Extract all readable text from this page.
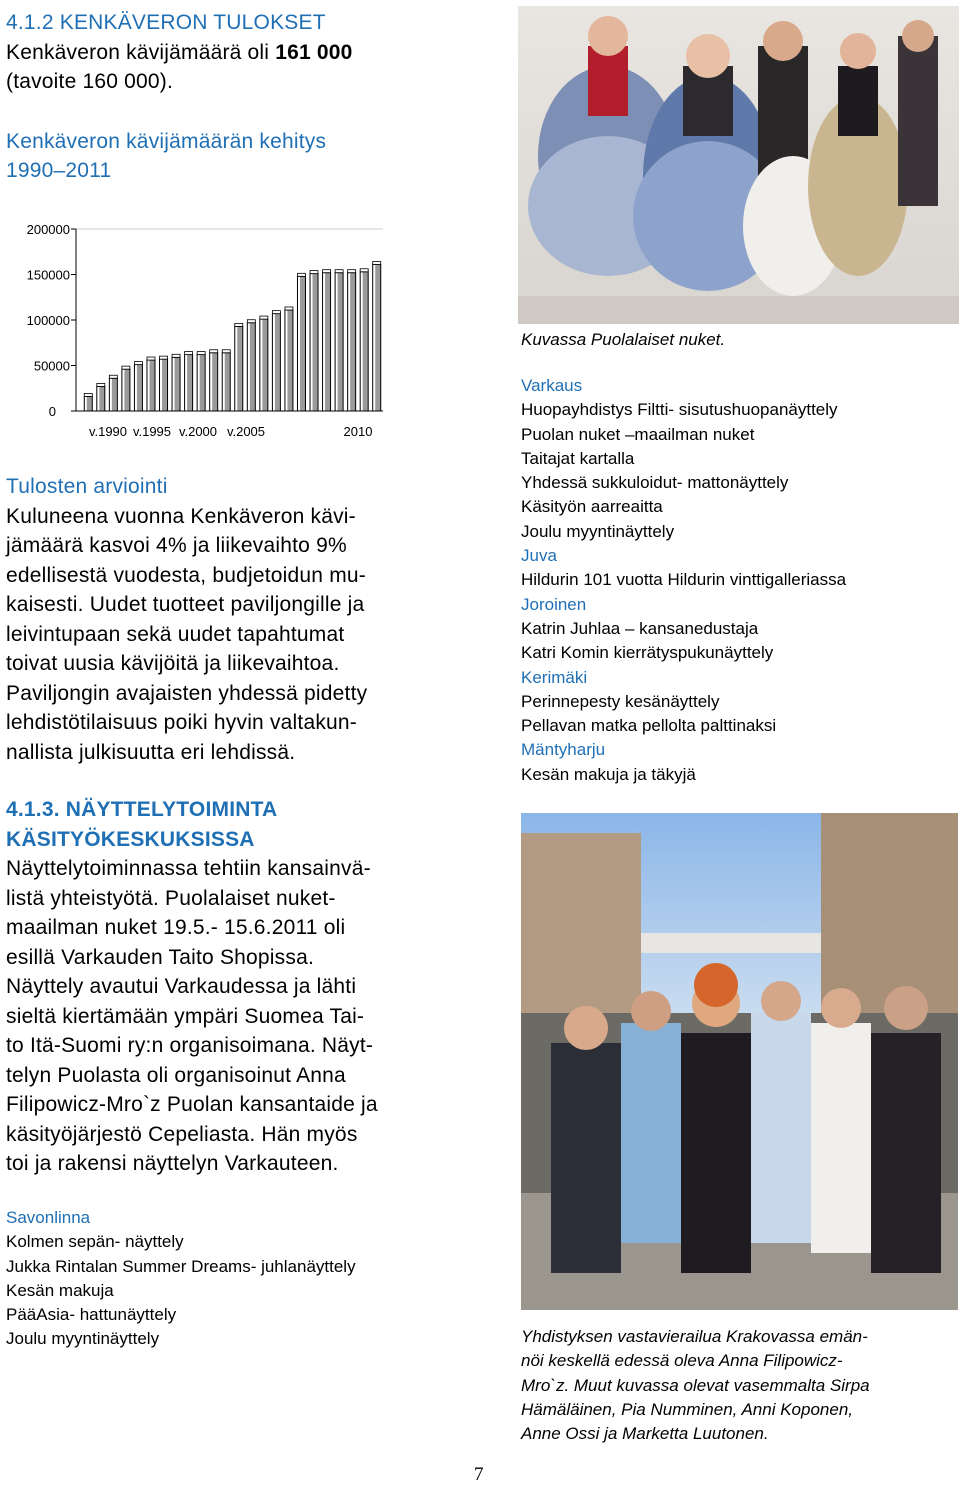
4.1.2 KENKÄVERON TULOKSET
Kenkäveron kävijämäärä oli 161 000
(tavoite 160 000).
Kenkäveron kävijämäärän kehitys
1990–2011
200000
150000
100000
50000
0
v.1990 v.1995 v.2000 v.2005	2010
Tulosten arviointi
Kuluneena vuonna Kenkäveron kävi-
jämäärä kasvoi 4% ja liikevaihto 9%
edellisestä vuodesta, budjetoidun mu-
kaisesti. Uudet tuotteet paviljongille ja
leivintupaan sekä uudet tapahtumat
toivat uusia kävijöitä ja liikevaihtoa.
Paviljongin avajaisten yhdessä pidetty
lehdistötilaisuus poiki hyvin valtakun-
nallista julkisuutta eri lehdissä.
4.1.3. NÄYTTELYTOIMINTA
KÄSITYÖKESKUKSISSA
Näyttelytoiminnassa tehtiin kansainvä-
listä yhteistyötä. Puolalaiset nuket-
maailman nuket 19.5.- 15.6.2011 oli
esillä Varkauden Taito Shopissa.
Näyttely avautui Varkaudessa ja lähti
sieltä kiertämään ympäri Suomea Tai-
to Itä-Suomi ry:n organisoimana. Näyt-
telyn Puolasta oli organisoinut Anna
Filipowicz-Mro`z Puolan kansantaide ja
käsityöjärjestö Cepeliasta. Hän myös
toi ja rakensi näyttelyn Varkauteen.
Savonlinna
Kolmen sepän- näyttely
Jukka Rintalan Summer Dreams- juhlanäyttely
Kesän makuja
PääAsia- hattunäyttely
Joulu myyntinäyttely
Kuvassa Puolalaiset nuket.
Varkaus
Huopayhdistys Filtti- sisutushuopanäyttely
Puolan nuket –maailman nuket
Taitajat kartalla
Yhdessä sukkuloidut- mattonäyttely
Käsityön aarreaitta
Joulu myyntinäyttely
Juva
Hildurin 101 vuotta Hildurin vinttigalleriassa
Joroinen
Katrin Juhlaa – kansanedustaja
Katri Komin kierrätyspukunäyttely
Kerimäki
Perinnepesty kesänäyttely
Pellavan matka pellolta palttinaksi
Mäntyharju
Kesän makuja ja täkyjä
Yhdistyksen vastavierailua Krakovassa emän-
nöi keskellä edessä oleva Anna Filipowicz-
Mro`z. Muut kuvassa olevat vasemmalta Sirpa
Hämäläinen, Pia Numminen, Anni Koponen,
Anne Ossi ja Marketta Luutonen.
7
